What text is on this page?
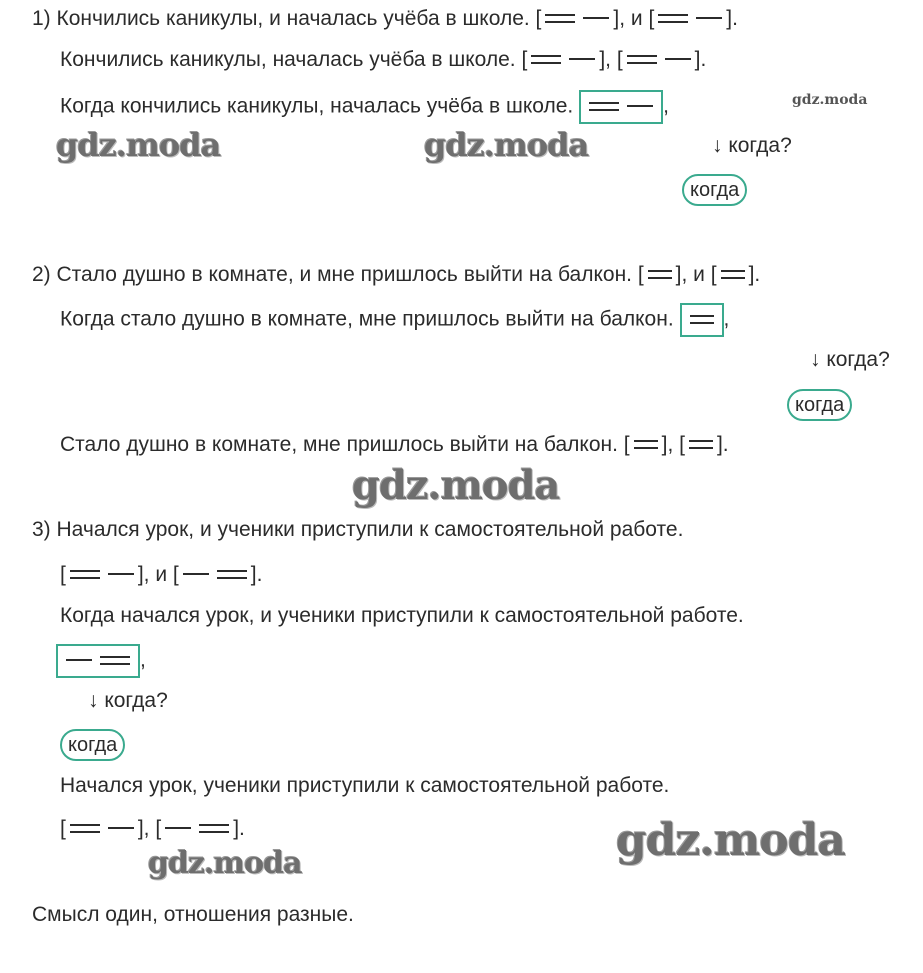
1) Кончились каникулы, и началась учёба в школе. [	], и [	].
Кончились каникулы, началась учёба в школе. [	], [	].
Когда кончились каникулы, началась учёба в школе.	,
↓ когда?
когда
2) Стало душно в комнате, и мне пришлось выйти на балкон. [ ], и [ ].
Когда стало душно в комнате, мне пришлось выйти на балкон. ,
↓ когда?
когда
Стало душно в комнате, мне пришлось выйти на балкон. [ ], [ ].
3) Начался урок, и ученики приступили к самостоятельной работе.
[	], и [	].
Когда начался урок, и ученики приступили к самостоятельной работе.
,
↓ когда?
когда
Начался урок, ученики приступили к самостоятельной работе.
[	], [	].
Смысл один, отношения разные.
gdz.moda
gdz.moda	gdz.moda
gdz.moda
gdz.moda
gdz.moda
